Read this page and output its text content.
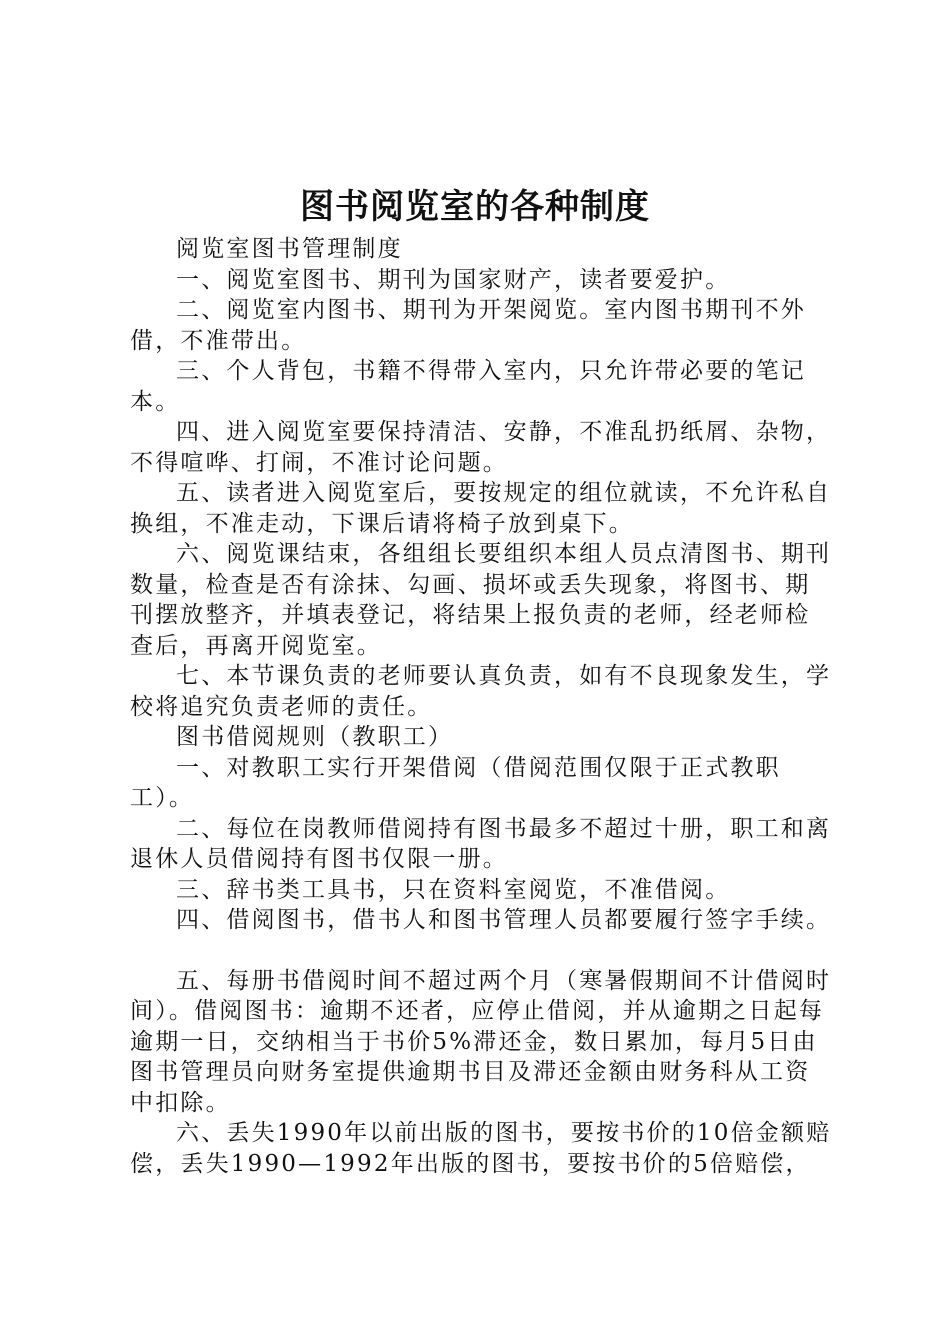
图书阅览室的各种制度

阅览室图书管理制度

一、阅览室图书、期刊为国家财产，读者要爱护。

二、阅览室内图书、期刊为开架阅览。室内图书期刊不外借，不准带出。

三、个人背包，书籍不得带入室内，只允许带必要的笔记本。

四、进入阅览室要保持清洁、安静，不准乱扔纸屑、杂物，不得喧哗、打闹，不准讨论问题。

五、读者进入阅览室后，要按规定的组位就读，不允许私自换组，不准走动，下课后请将椅子放到桌下。

六、阅览课结束，各组组长要组织本组人员点清图书、期刊数量，检查是否有涂抹、勾画、损坏或丢失现象，将图书、期刊摆放整齐，并填表登记，将结果上报负责的老师，经老师检查后，再离开阅览室。

七、本节课负责的老师要认真负责，如有不良现象发生，学校将追究负责老师的责任。

图书借阅规则（教职工）

一、对教职工实行开架借阅（借阅范围仅限于正式教职工）。

二、每位在岗教师借阅持有图书最多不超过十册，职工和离退休人员借阅持有图书仅限一册。

三、辞书类工具书，只在资料室阅览，不准借阅。

四、借阅图书，借书人和图书管理人员都要履行签字手续。

五、每册书借阅时间不超过两个月（寒暑假期间不计借阅时间）。借阅图书：逾期不还者，应停止借阅，并从逾期之日起每逾期一日，交纳相当于书价5%滞还金，数日累加，每月5日由图书管理员向财务室提供逾期书目及滞还金额由财务科从工资中扣除。

六、丢失1990年以前出版的图书，要按书价的10倍金额赔偿，丢失1990—1992年出版的图书，要按书价的5倍赔偿，
